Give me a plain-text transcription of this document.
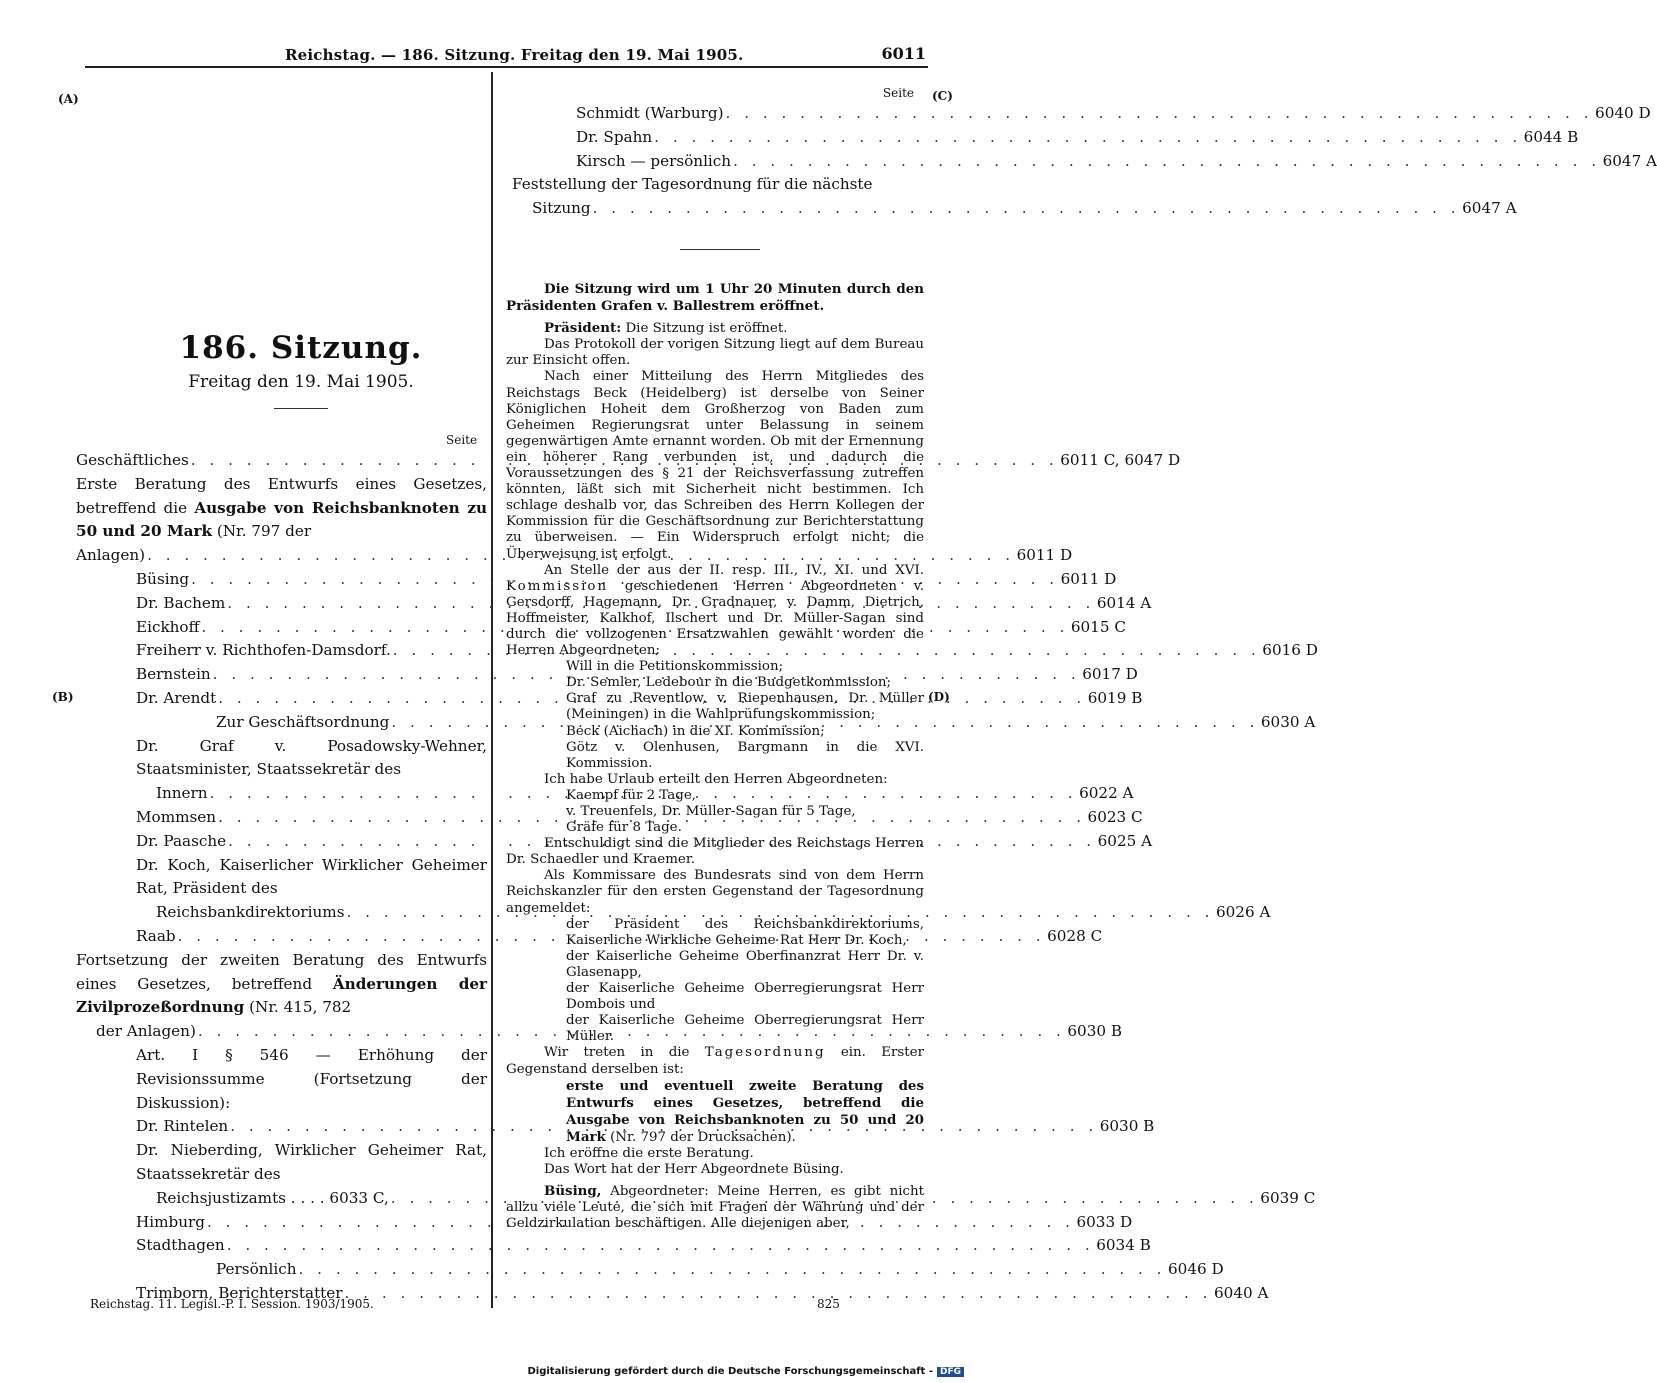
Reichstag. — 186. Sitzung. Freitag den 19. Mai 1905.	6011
(A)	(C)
(B)	(D)
186. Sitzung.
Freitag den 19. Mai 1905.
Seite
Geschäftliches . . .	6011 C, 6047 D
Erste Beratung des Entwurfs eines Gesetzes, betreffend die Ausgabe von Reichsbanknoten zu 50 und 20 Mark (Nr. 797 der
Anlagen) . . .	6011 D
Büsing . . .	6011 D
Dr. Bachem . . .	6014 A
Eickhoff . . .	6015 C
Freiherr v. Richthofen-Damsdorf. . . .	6016 D
Bernstein . . .	6017 D
Dr. Arendt . . .	6019 B
Zur Geschäftsordnung . . .	6030 A
Dr. Graf v. Posadowsky-Wehner, Staatsminister, Staatssekretär des
Innern . . .	6022 A
Mommsen . . .	6023 C
Dr. Paasche . . .	6025 A
Dr. Koch, Kaiserlicher Wirklicher Geheimer Rat, Präsident des
Reichsbankdirektoriums . . .	6026 A
Raab . . .	6028 C
Fortsetzung der zweiten Beratung des Entwurfs eines Gesetzes, betreffend Änderungen der Zivilprozeßordnung (Nr. 415, 782
der Anlagen) . . .	6030 B
Art. I § 546 — Erhöhung der Revisionssumme (Fortsetzung der Diskussion):
Dr. Rintelen . . .	6030 B
Dr. Nieberding, Wirklicher Geheimer Rat, Staatssekretär des
Reichsjustizamts . . . . 6033 C, . . .	6039 C
Himburg . . .	6033 D
Stadthagen . . .	6034 B
Persönlich . . .	6046 D
Trimborn, Berichterstatter . . .	6040 A
Reichstag. 11. Legisl.-P. I. Session. 1903/1905.
Seite
Schmidt (Warburg) . . .	6040 D
Dr. Spahn . . .	6044 B
Kirsch — persönlich . . .	6047 A
Feststellung der Tagesordnung für die nächste
Sitzung . . .	6047 A

Die Sitzung wird um 1 Uhr 20 Minuten durch den Präsidenten Grafen v. Ballestrem eröffnet.

Präsident: Die Sitzung ist eröffnet.

Das Protokoll der vorigen Sitzung liegt auf dem Bureau zur Einsicht offen.

Nach einer Mitteilung des Herrn Mitgliedes des Reichstags Beck (Heidelberg) ist derselbe von Seiner Königlichen Hoheit dem Großherzog von Baden zum Geheimen Regierungsrat unter Belassung in seinem gegenwärtigen Amte ernannt worden. Ob mit der Ernennung ein höherer Rang verbunden ist, und dadurch die Voraussetzungen des § 21 der Reichsverfassung zutreffen könnten, läßt sich mit Sicherheit nicht bestimmen. Ich schlage deshalb vor, das Schreiben des Herrn Kollegen der Kommission für die Geschäftsordnung zur Berichterstattung zu überweisen. — Ein Widerspruch erfolgt nicht; die Überweisung ist erfolgt.

An Stelle der aus der II. resp. III., IV., XI. und XVI. Kommission geschiedenen Herren Abgeordneten v. Gersdorff, Hagemann, Dr. Gradnauer, v. Damm, Dietrich, Hoffmeister, Kalkhof, Ilschert und Dr. Müller-Sagan sind durch die vollzogenen Ersatzwahlen gewählt worden die Herren Abgeordneten:

Will in die Petitionskommission;

Dr. Semler, Ledebour in die Budgetkommission;

Graf zu Reventlow, v. Riepenhausen, Dr. Müller (Meiningen) in die Wahlprüfungskommission;

Beck (Aichach) in die XI. Kommission;

Götz v. Olenhusen, Bargmann in die XVI. Kommission.

Ich habe Urlaub erteilt den Herren Abgeordneten:

Kaempf für 2 Tage,

v. Treuenfels, Dr. Müller-Sagan für 5 Tage,

Gräfe für 8 Tage.

Entschuldigt sind die Mitglieder des Reichstags Herren Dr. Schaedler und Kraemer.

Als Kommissare des Bundesrats sind von dem Herrn Reichskanzler für den ersten Gegenstand der Tagesordnung angemeldet:

der Präsident des Reichsbankdirektoriums, Kaiserliche Wirkliche Geheime Rat Herr Dr. Koch,

der Kaiserliche Geheime Oberfinanzrat Herr Dr. v. Glasenapp,

der Kaiserliche Geheime Oberregierungsrat Herr Dombois und

der Kaiserliche Geheime Oberregierungsrat Herr Müller.

Wir treten in die Tagesordnung ein. Erster Gegenstand derselben ist:

erste und eventuell zweite Beratung des Entwurfs eines Gesetzes, betreffend die Ausgabe von Reichsbanknoten zu 50 und 20 Mark (Nr. 797 der Drucksachen).

Ich eröffne die erste Beratung.

Das Wort hat der Herr Abgeordnete Büsing.

Büsing, Abgeordneter: Meine Herren, es gibt nicht allzu viele Leute, die sich mit Fragen der Währung und der Geldzirkulation beschäftigen. Alle diejenigen aber,

825
Digitalisierung gefördert durch die Deutsche Forschungsgemeinschaft - DFG
